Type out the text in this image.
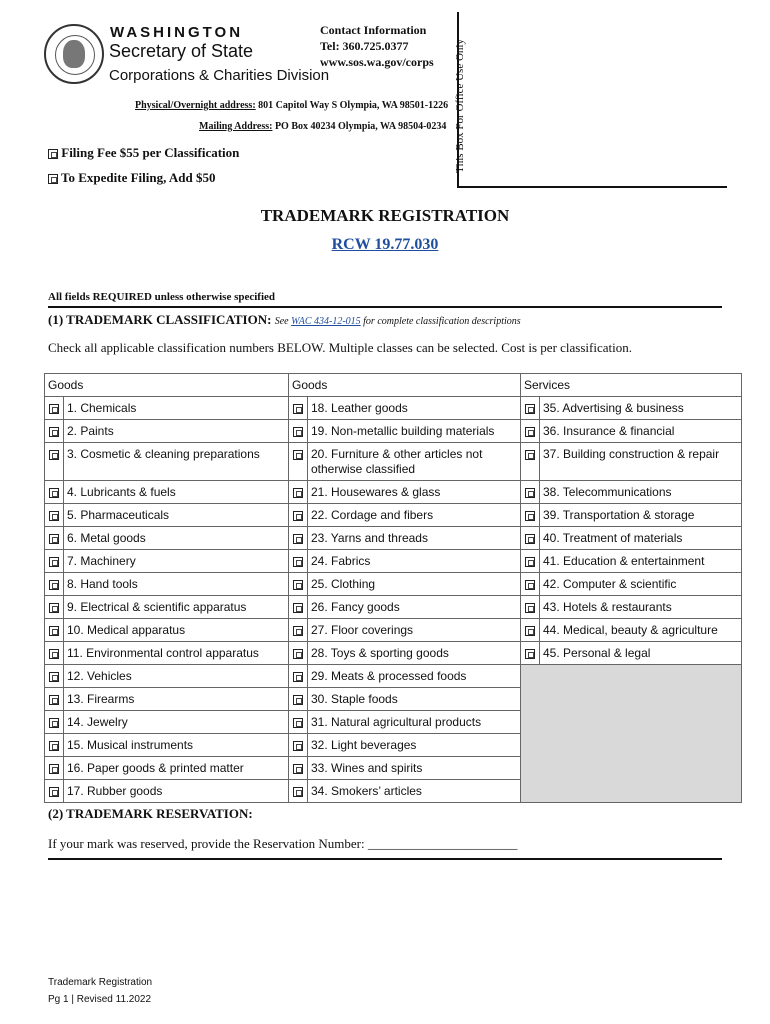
WASHINGTON
Secretary of State
Corporations & Charities Division
Contact Information
Tel: 360.725.0377
www.sos.wa.gov/corps
Physical/Overnight address: 801 Capitol Way S Olympia, WA 98501-1226
Mailing Address: PO Box 40234 Olympia, WA 98504-0234 This Box For Office Use Only
Filing Fee $55 per Classification
To Expedite Filing, Add $50
TRADEMARK REGISTRATION
RCW 19.77.030
All fields REQUIRED unless otherwise specified
(1) TRADEMARK CLASSIFICATION: See WAC 434-12-015 for complete classification descriptions
Check all applicable classification numbers BELOW. Multiple classes can be selected. Cost is per classification.
Goods		Goods		Services	
	1. Chemicals		18. Leather goods		35. Advertising & business
	2. Paints		19. Non-metallic building materials		36. Insurance & financial
	3. Cosmetic & cleaning preparations		20. Furniture & other articles not otherwise classified		37. Building construction & repair
	4. Lubricants & fuels		21. Housewares & glass		38. Telecommunications
	5. Pharmaceuticals		22. Cordage and fibers		39. Transportation & storage
	6. Metal goods		23. Yarns and threads		40. Treatment of materials
	7. Machinery		24. Fabrics		41. Education & entertainment
	8. Hand tools		25. Clothing		42. Computer & scientific
	9. Electrical & scientific apparatus		26. Fancy goods		43. Hotels & restaurants
	10. Medical apparatus		27. Floor coverings		44. Medical, beauty & agriculture
	11. Environmental control apparatus		28. Toys & sporting goods		45. Personal & legal
	12. Vehicles		29. Meats & processed foods		
	13. Firearms		30. Staple foods		
	14. Jewelry		31. Natural agricultural products		
	15. Musical instruments		32. Light beverages		
	16. Paper goods & printed matter		33. Wines and spirits		
	17. Rubber goods		34. Smokers’ articles		
(2) TRADEMARK RESERVATION:
If your mark was reserved, provide the Reservation Number: _______________________
Trademark Registration
Pg 1 | Revised 11.2022
